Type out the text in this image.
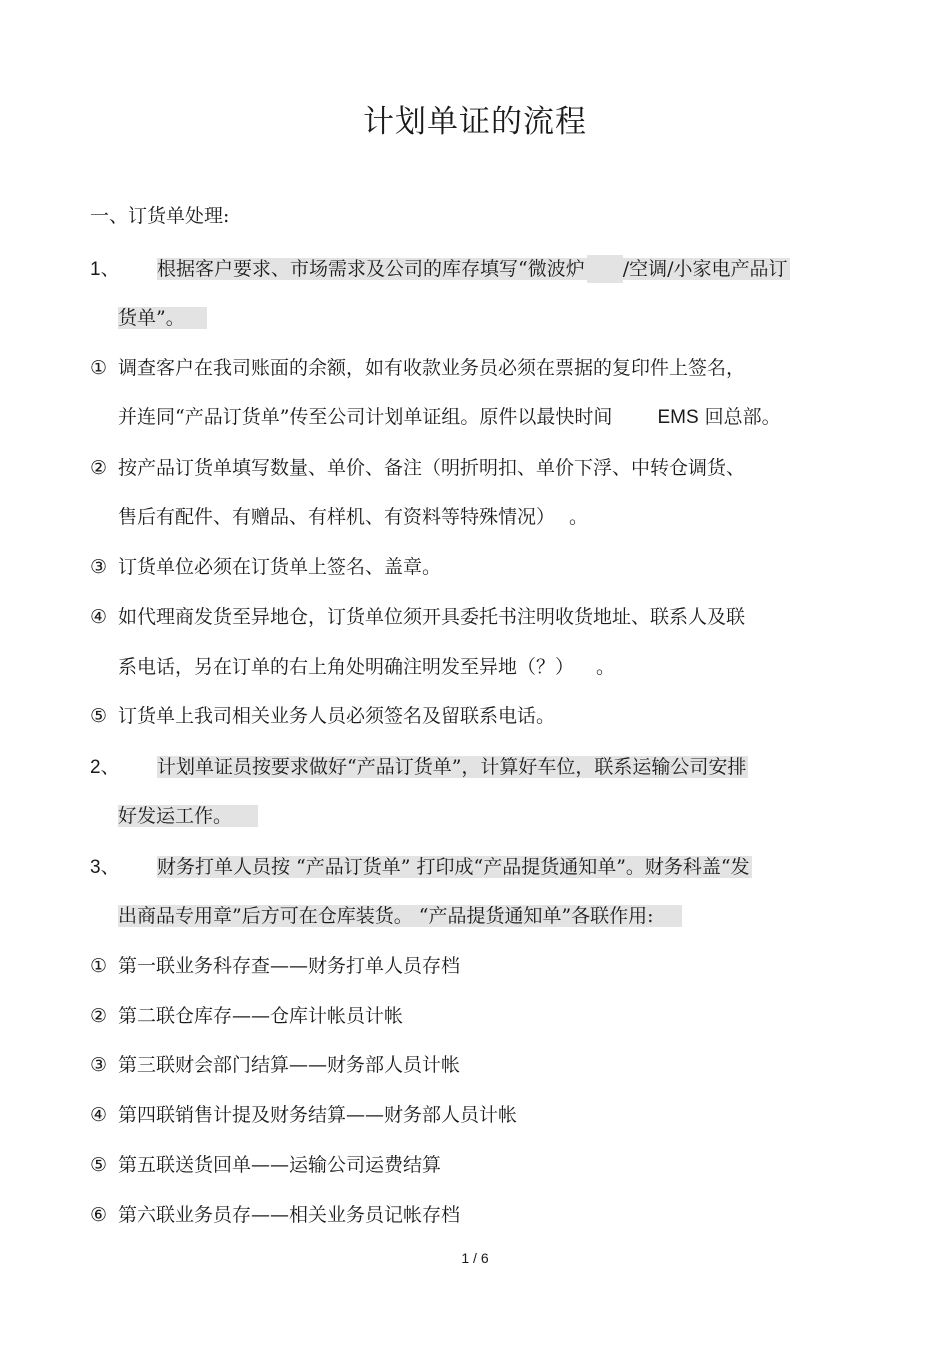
计划单证的流程
一、订货单处理:
1、 根据客户要求、市场需求及公司的库存填写“微波炉 /空调/小家电产品订
货单”。
① 调查客户在我司账面的余额，如有收款业务员必须在票据的复印件上签名，
并连同“产品订货单”传至公司计划单证组。原件以最快时间 EMS 回总部。
② 按产品订货单填写数量、单价、备注（明折明扣、单价下浮、中转仓调货、
售后有配件、有赠品、有样机、有资料等特殊情况） 。
③ 订货单位必须在订货单上签名、盖章。
④ 如代理商发货至异地仓，订货单位须开具委托书注明收货地址、联系人及联
系电话，另在订单的右上角处明确注明发至异地（？） 。
⑤ 订货单上我司相关业务人员必须签名及留联系电话。
2、 计划单证员按要求做好“产品订货单”，计算好车位，联系运输公司安排
好发运工作。
3、 财务打单人员按 “产品订货单” 打印成“产品提货通知单”。财务科盖“发
出商品专用章”后方可在仓库装货。 “产品提货通知单”各联作用:
① 第一联业务科存查——财务打单人员存档
② 第二联仓库存——仓库计帐员计帐
③ 第三联财会部门结算——财务部人员计帐
④ 第四联销售计提及财务结算——财务部人员计帐
⑤ 第五联送货回单——运输公司运费结算
⑥ 第六联业务员存——相关业务员记帐存档
1 / 6
